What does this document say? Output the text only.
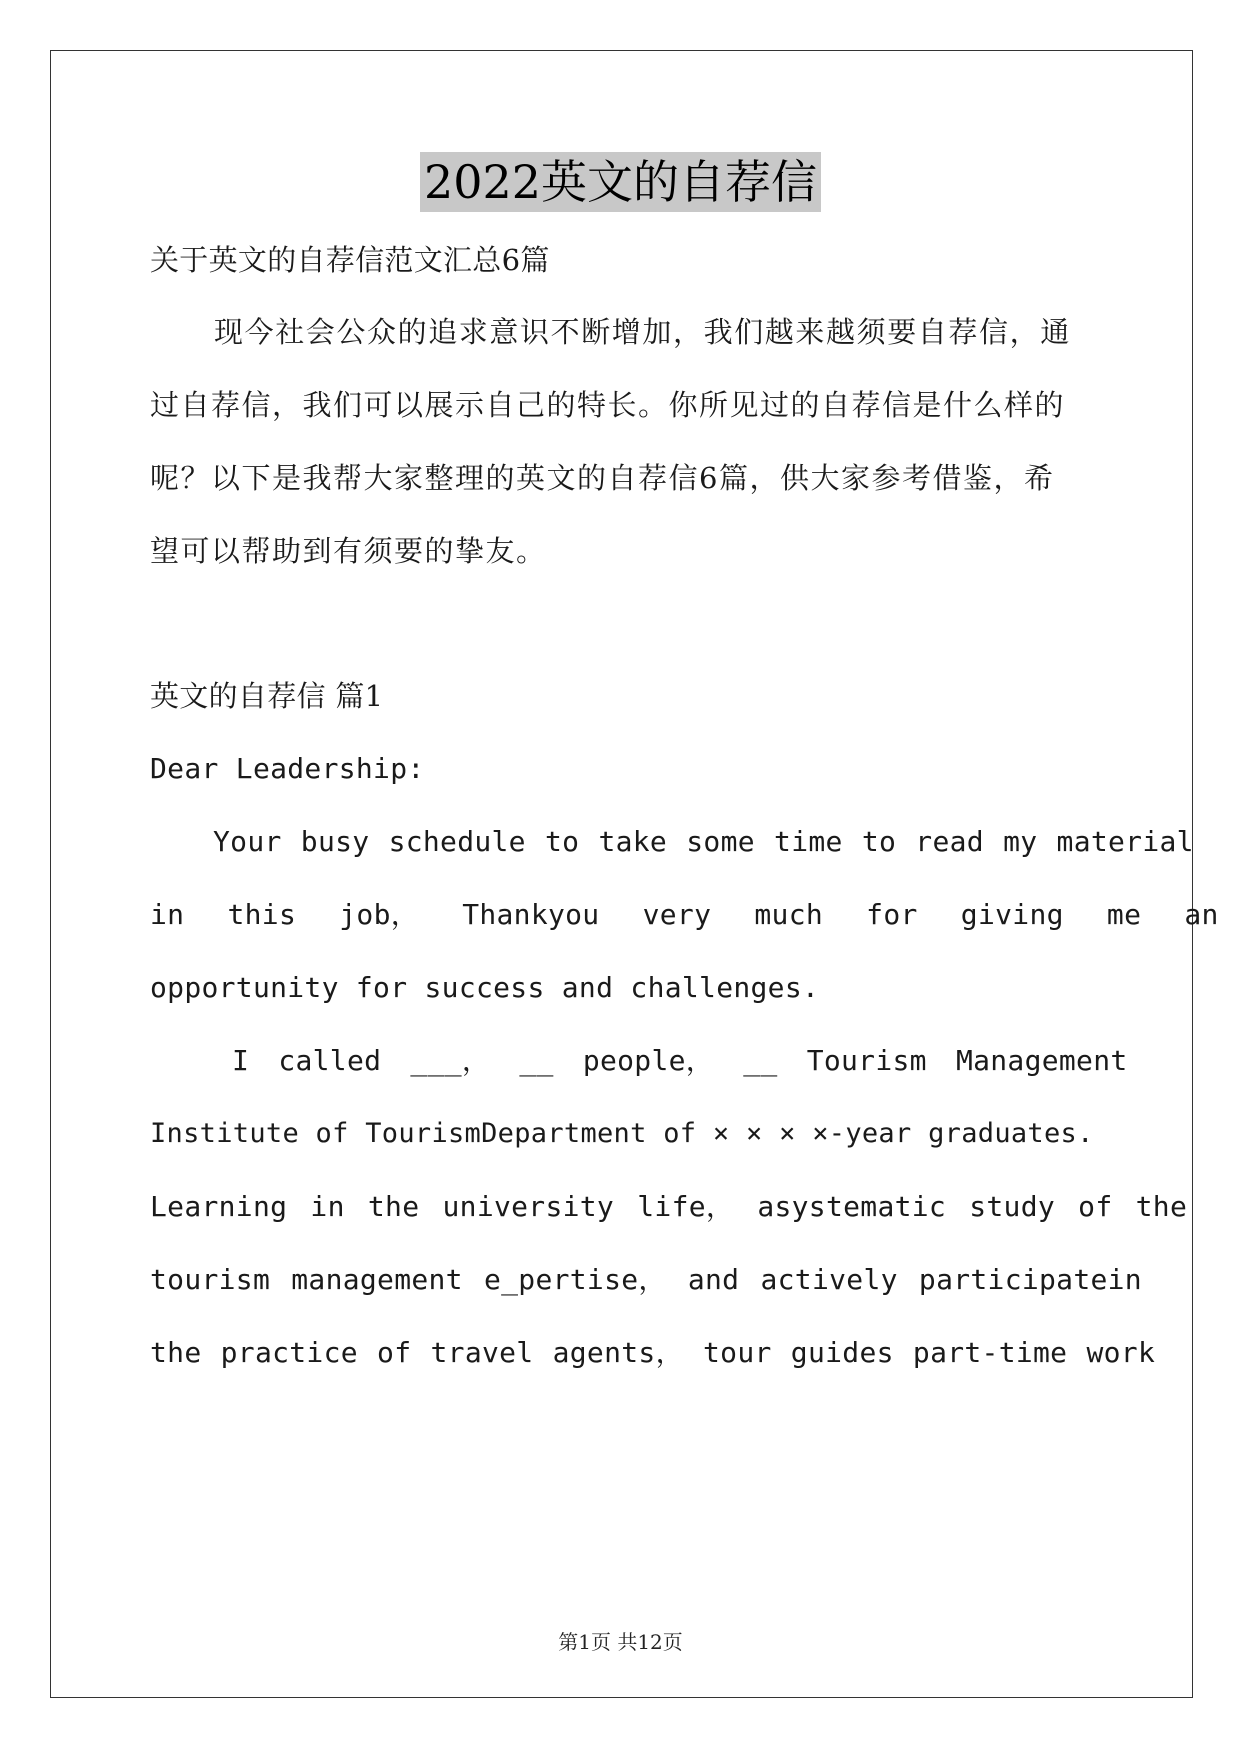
2022英文的自荐信
关于英文的自荐信范文汇总6篇
现今社会公众的追求意识不断增加，我们越来越须要自荐信，通
过自荐信，我们可以展示自己的特长。你所见过的自荐信是什么样的
呢？以下是我帮大家整理的英文的自荐信6篇，供大家参考借鉴，希
望可以帮助到有须要的挚友。
英文的自荐信 篇1
Dear Leadership:
Your busy schedule to take some time to read my material
in this job， Thankyou very much for giving me an
opportunity for success and challenges.
I called ___， __ people， __ Tourism Management
Institute of TourismDepartment of × × × ×-year graduates.
Learning in the university life， asystematic study of the
tourism management e_pertise， and actively participatein
the practice of travel agents， tour guides part-time work
第1页 共12页
